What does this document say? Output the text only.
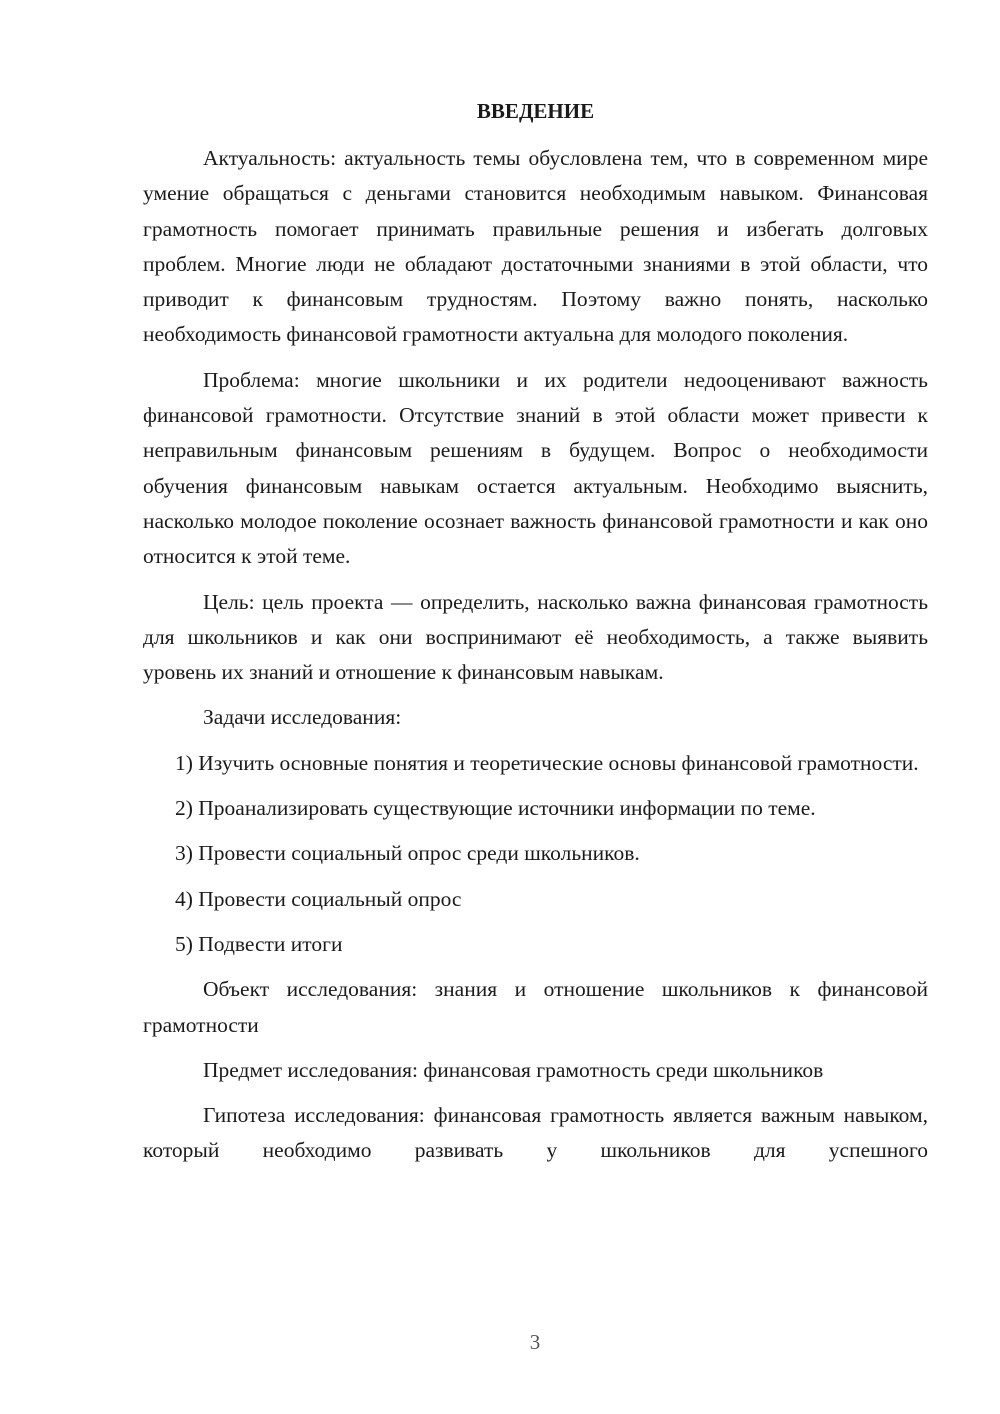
ВВЕДЕНИЕ

Актуальность: актуальность темы обусловлена тем, что в современном мире умение обращаться с деньгами становится необходимым навыком. Финансовая грамотность помогает принимать правильные решения и избегать долговых проблем. Многие люди не обладают достаточными знаниями в этой области, что приводит к финансовым трудностям. Поэтому важно понять, насколько необходимость финансовой грамотности актуальна для молодого поколения.

Проблема: многие школьники и их родители недооценивают важность финансовой грамотности. Отсутствие знаний в этой области может привести к неправильным финансовым решениям в будущем. Вопрос о необходимости обучения финансовым навыкам остается актуальным. Необходимо выяснить, насколько молодое поколение осознает важность финансовой грамотности и как оно относится к этой теме.

Цель: цель проекта — определить, насколько важна финансовая грамотность для школьников и как они воспринимают её необходимость, а также выявить уровень их знаний и отношение к финансовым навыкам.

Задачи исследования:

1) Изучить основные понятия и теоретические основы финансовой грамотности.

2) Проанализировать существующие источники информации по теме.

3) Провести социальный опрос среди школьников.

4) Провести социальный опрос

5) Подвести итоги

Объект исследования: знания и отношение школьников к финансовой грамотности

Предмет исследования: финансовая грамотность среди школьников

Гипотеза исследования: финансовая грамотность является важным навыком, который необходимо развивать у школьников для успешного

3
